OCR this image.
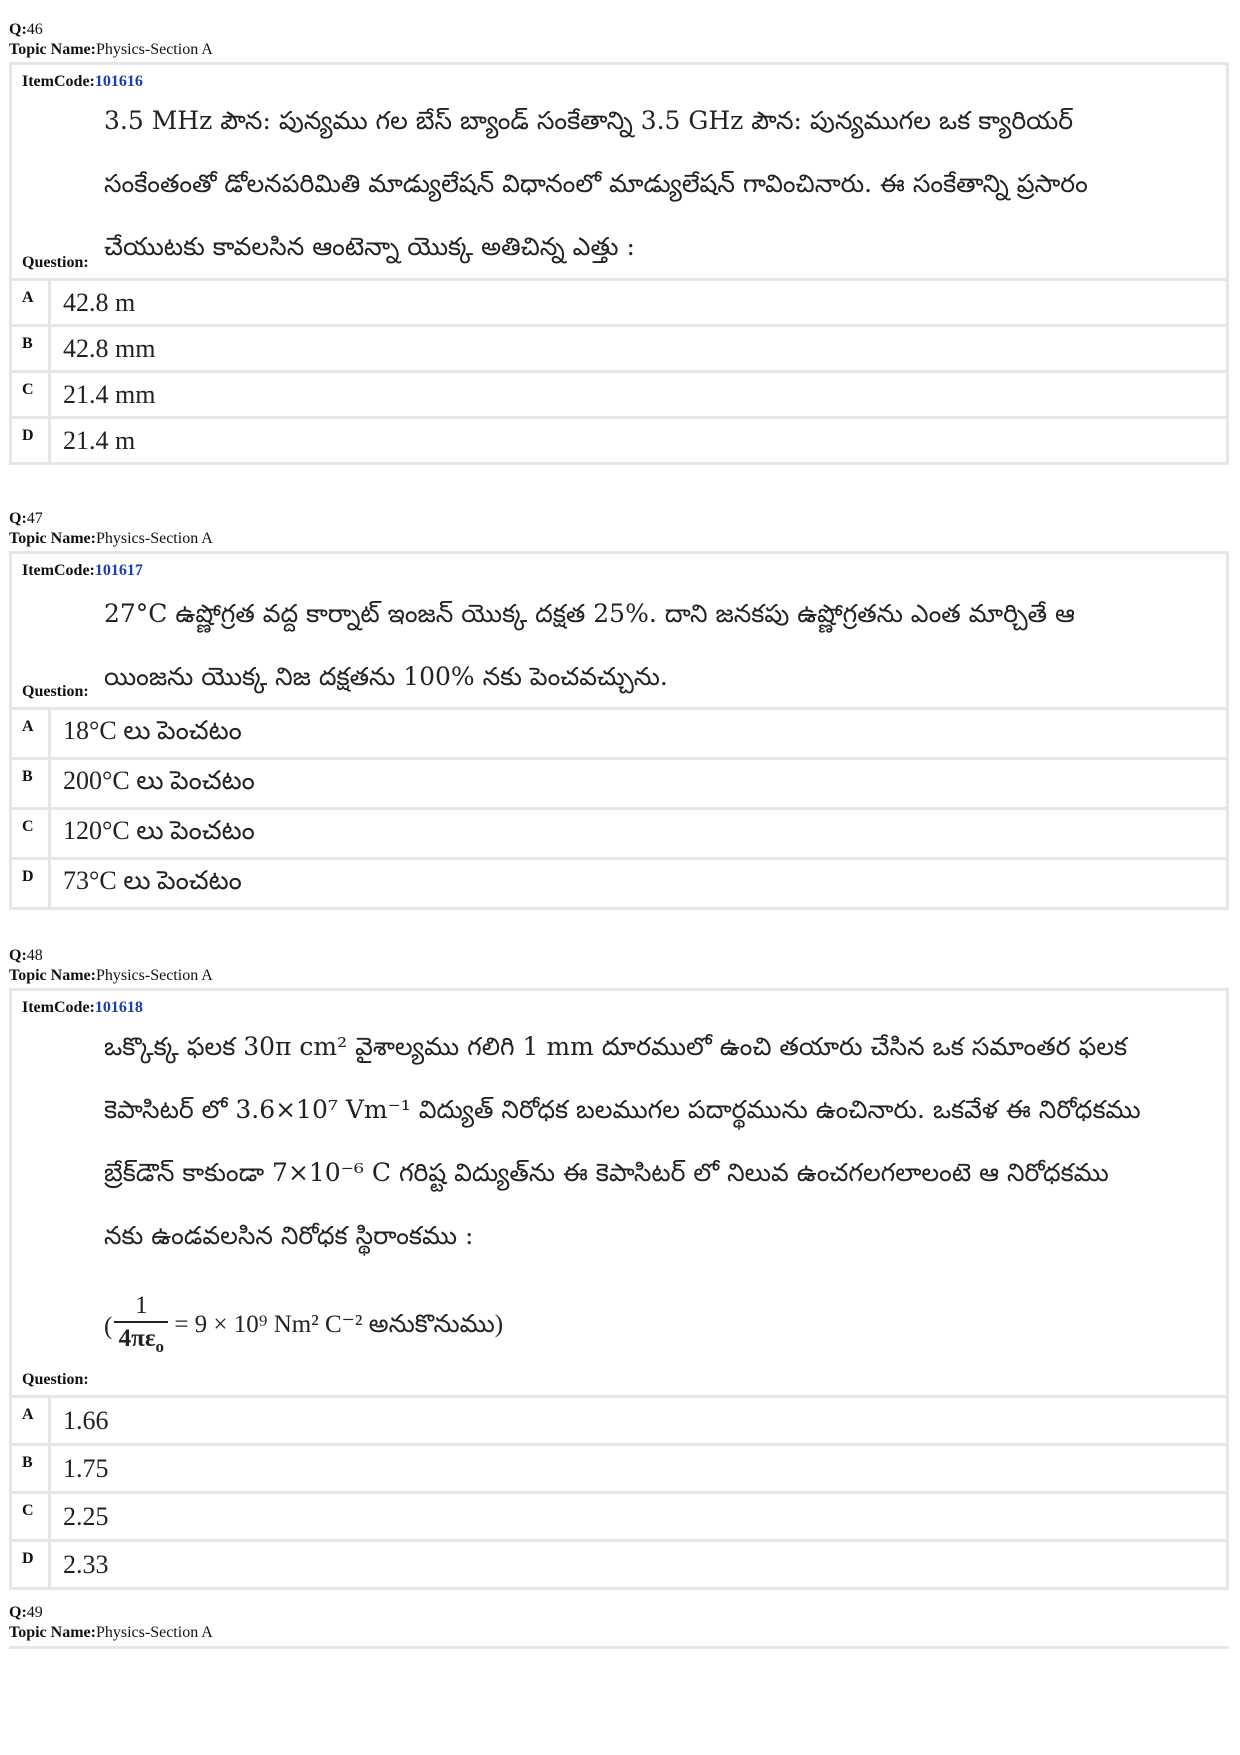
Q:46
Topic Name:Physics-Section A
ItemCode:101616
3.5 MHz పౌన: పున్యము గల బేస్ బ్యాండ్ సంకేతాన్ని 3.5 GHz పౌన: పున్యముగల ఒక క్యారియర్
సంకేంతంతో డోలనపరిమితి మాడ్యులేషన్ విధానంలో మాడ్యులేషన్ గావించినారు. ఈ సంకేతాన్ని ప్రసారం
చేయుటకు కావలసిన ఆంటెన్నా యొక్క అతిచిన్న ఎత్తు :
Question:
A	42.8 m
B	42.8 mm
C	21.4 mm
D	21.4 m
Q:47
Topic Name:Physics-Section A
ItemCode:101617
27°C ఉష్ణోగ్రత వద్ద కార్నాట్ ఇంజన్ యొక్క దక్షత 25%. దాని జనకపు ఉష్ణోగ్రతను ఎంత మార్చితే ఆ
యింజను యొక్క నిజ దక్షతను 100% నకు పెంచవచ్చును.
Question:
A	18°C లు పెంచటం
B	200°C లు పెంచటం
C	120°C లు పెంచటం
D	73°C లు పెంచటం
Q:48
Topic Name:Physics-Section A
ItemCode:101618
ఒక్కొక్క ఫలక 30π cm² వైశాల్యము గలిగి 1 mm దూరములో ఉంచి తయారు చేసిన ఒక సమాంతర ఫలక
కెపాసిటర్ లో 3.6×10⁷ Vm⁻¹ విద్యుత్ నిరోధక బలముగల పదార్థమును ఉంచినారు. ఒకవేళ ఈ నిరోధకము
బ్రేక్‌డౌన్ కాకుండా 7×10⁻⁶ C గరిష్ట విద్యుత్‌ను ఈ కెపాసిటర్ లో నిలువ ఉంచగలగలాలంటె ఆ నిరోధకము
నకు ఉండవలసిన నిరోధక స్థిరాంకము :
(
1
$4\pi\varepsilon_o$
= 9 × 10⁹ Nm² C⁻² అనుకొనుము)
Question:
A	1.66
B	1.75
C	2.25
D	2.33
Q:49
Topic Name:Physics-Section A
